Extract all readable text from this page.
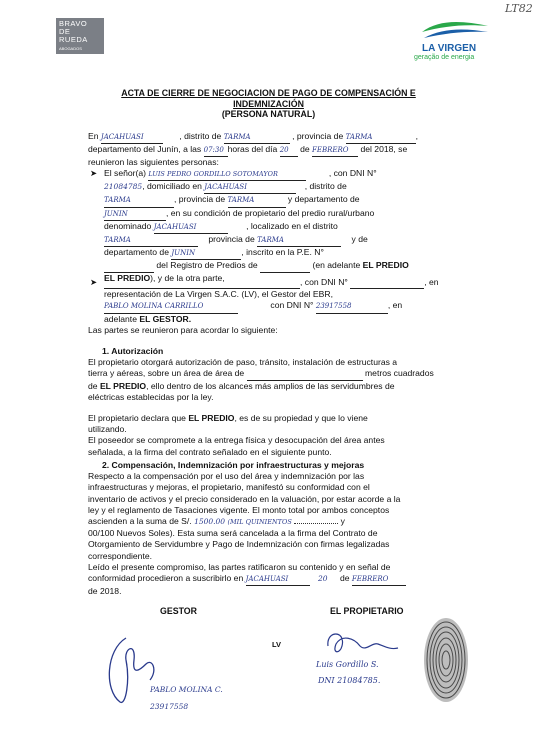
LT82
BRAVO DE
RUEDA
ABOGADOS	LA VIRGEN
geração de energia
ACTA DE CIERRE DE NEGOCIACION DE PAGO DE COMPENSACIÓN E
INDEMNIZACIÓN
(PERSONA NATURAL)
En JACAHUASI	, distrito de TARMA	, provincia de TARMA	,
departamento del Junín, a las 07:30 horas del día 20 de FEBRERO del 2018, se
reunieron las siguientes personas:
➤ El señor(a) LUIS PEDRO GORDILLO SOTOMAYOR	, con DNI N°
21084785, domiciliado en JACAHUASI	, distrito de
TARMA	, provincia de TARMA	y departamento de
JUNIN	, en su condición de propietario del predio rural/urbano
denominado JACAHUASI	, localizado en el distrito
TARMA	provincia de TARMA	y de
departamento de JUNIN	, inscrito en la P.E. N°
del Registro de Predios de	(en adelante EL PREDIO
EL PREDIO), y de la otra parte,
➤	, con DNI N°	, en
representación de La Virgen S.A.C. (LV), el Gestor del EBR,
PABLO MOLINA CARRILLO	con DNI N° 23917558	, en
adelante EL GESTOR.
Las partes se reunieron para acordar lo siguiente:
1. Autorización
El propietario otorgará autorización de paso, tránsito, instalación de estructuras a
tierra y aéreas, sobre un área de área de	metros cuadrados
de EL PREDIO, ello dentro de los alcances más amplios de las servidumbres de
eléctricas establecidas por la ley.
El propietario declara que EL PREDIO, es de su propiedad y que lo viene
utilizando.
El poseedor se compromete a la entrega física y desocupación del área antes
señalada, a la firma del contrato señalado en el siguiente punto.
2. Compensación, Indemnización por infraestructuras y mejoras
Respecto a la compensación por el uso del área y indemnización por las
infraestructuras y mejoras, el propietario, manifestó su conformidad con el
inventario de activos y el precio considerado en la valuación, por estar acorde a la
ley y el reglamento de Tasaciones vigente. El monto total por ambos conceptos
ascienden a la suma de S/. 1500.00 (MIL QUINIENTOS	y
00/100 Nuevos Soles). Esta suma será cancelada a la firma del Contrato de
Otorgamiento de Servidumbre y Pago de Indemnización con firmas legalizadas
correspondiente.
Leído el presente compromiso, las partes ratificaron su contenido y en señal de
conformidad procedieron a suscribirlo en JACAHUASI	20 de FEBRERO
de 2018.
GESTOR	EL PROPIETARIO
LV
PABLO MOLINA C.
23917558
Luis Gordillo S.
DNI 21084785.
